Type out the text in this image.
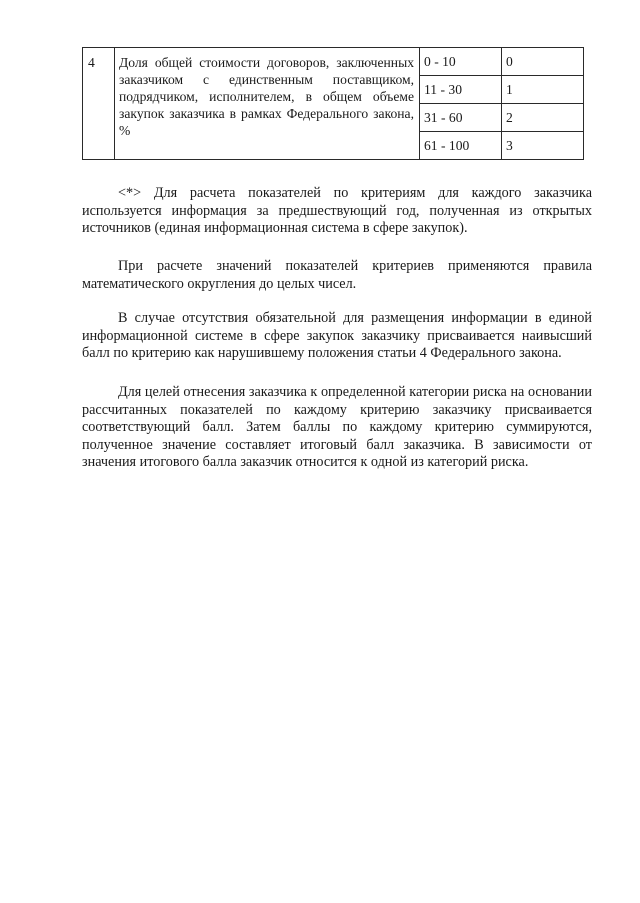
4	Доля общей стоимости договоров, заключенных заказчиком с единственным поставщиком, подрядчиком, исполнителем, в общем объеме закупок заказчика в рамках Федерального закона, %	0 - 10	0
		11 - 30	1
		31 - 60	2
		61 - 100	3

<*> Для расчета показателей по критериям для каждого заказчика используется информация за предшествующий год, полученная из открытых источников (единая информационная система в сфере закупок).

При расчете значений показателей критериев применяются правила математического округления до целых чисел.

В случае отсутствия обязательной для размещения информации в единой информационной системе в сфере закупок заказчику присваивается наивысший балл по критерию как нарушившему положения статьи 4 Федерального закона.

Для целей отнесения заказчика к определенной категории риска на основании рассчитанных показателей по каждому критерию заказчику присваивается соответствующий балл. Затем баллы по каждому критерию суммируются, полученное значение составляет итоговый балл заказчика. В зависимости от значения итогового балла заказчик относится к одной из категорий риска.
